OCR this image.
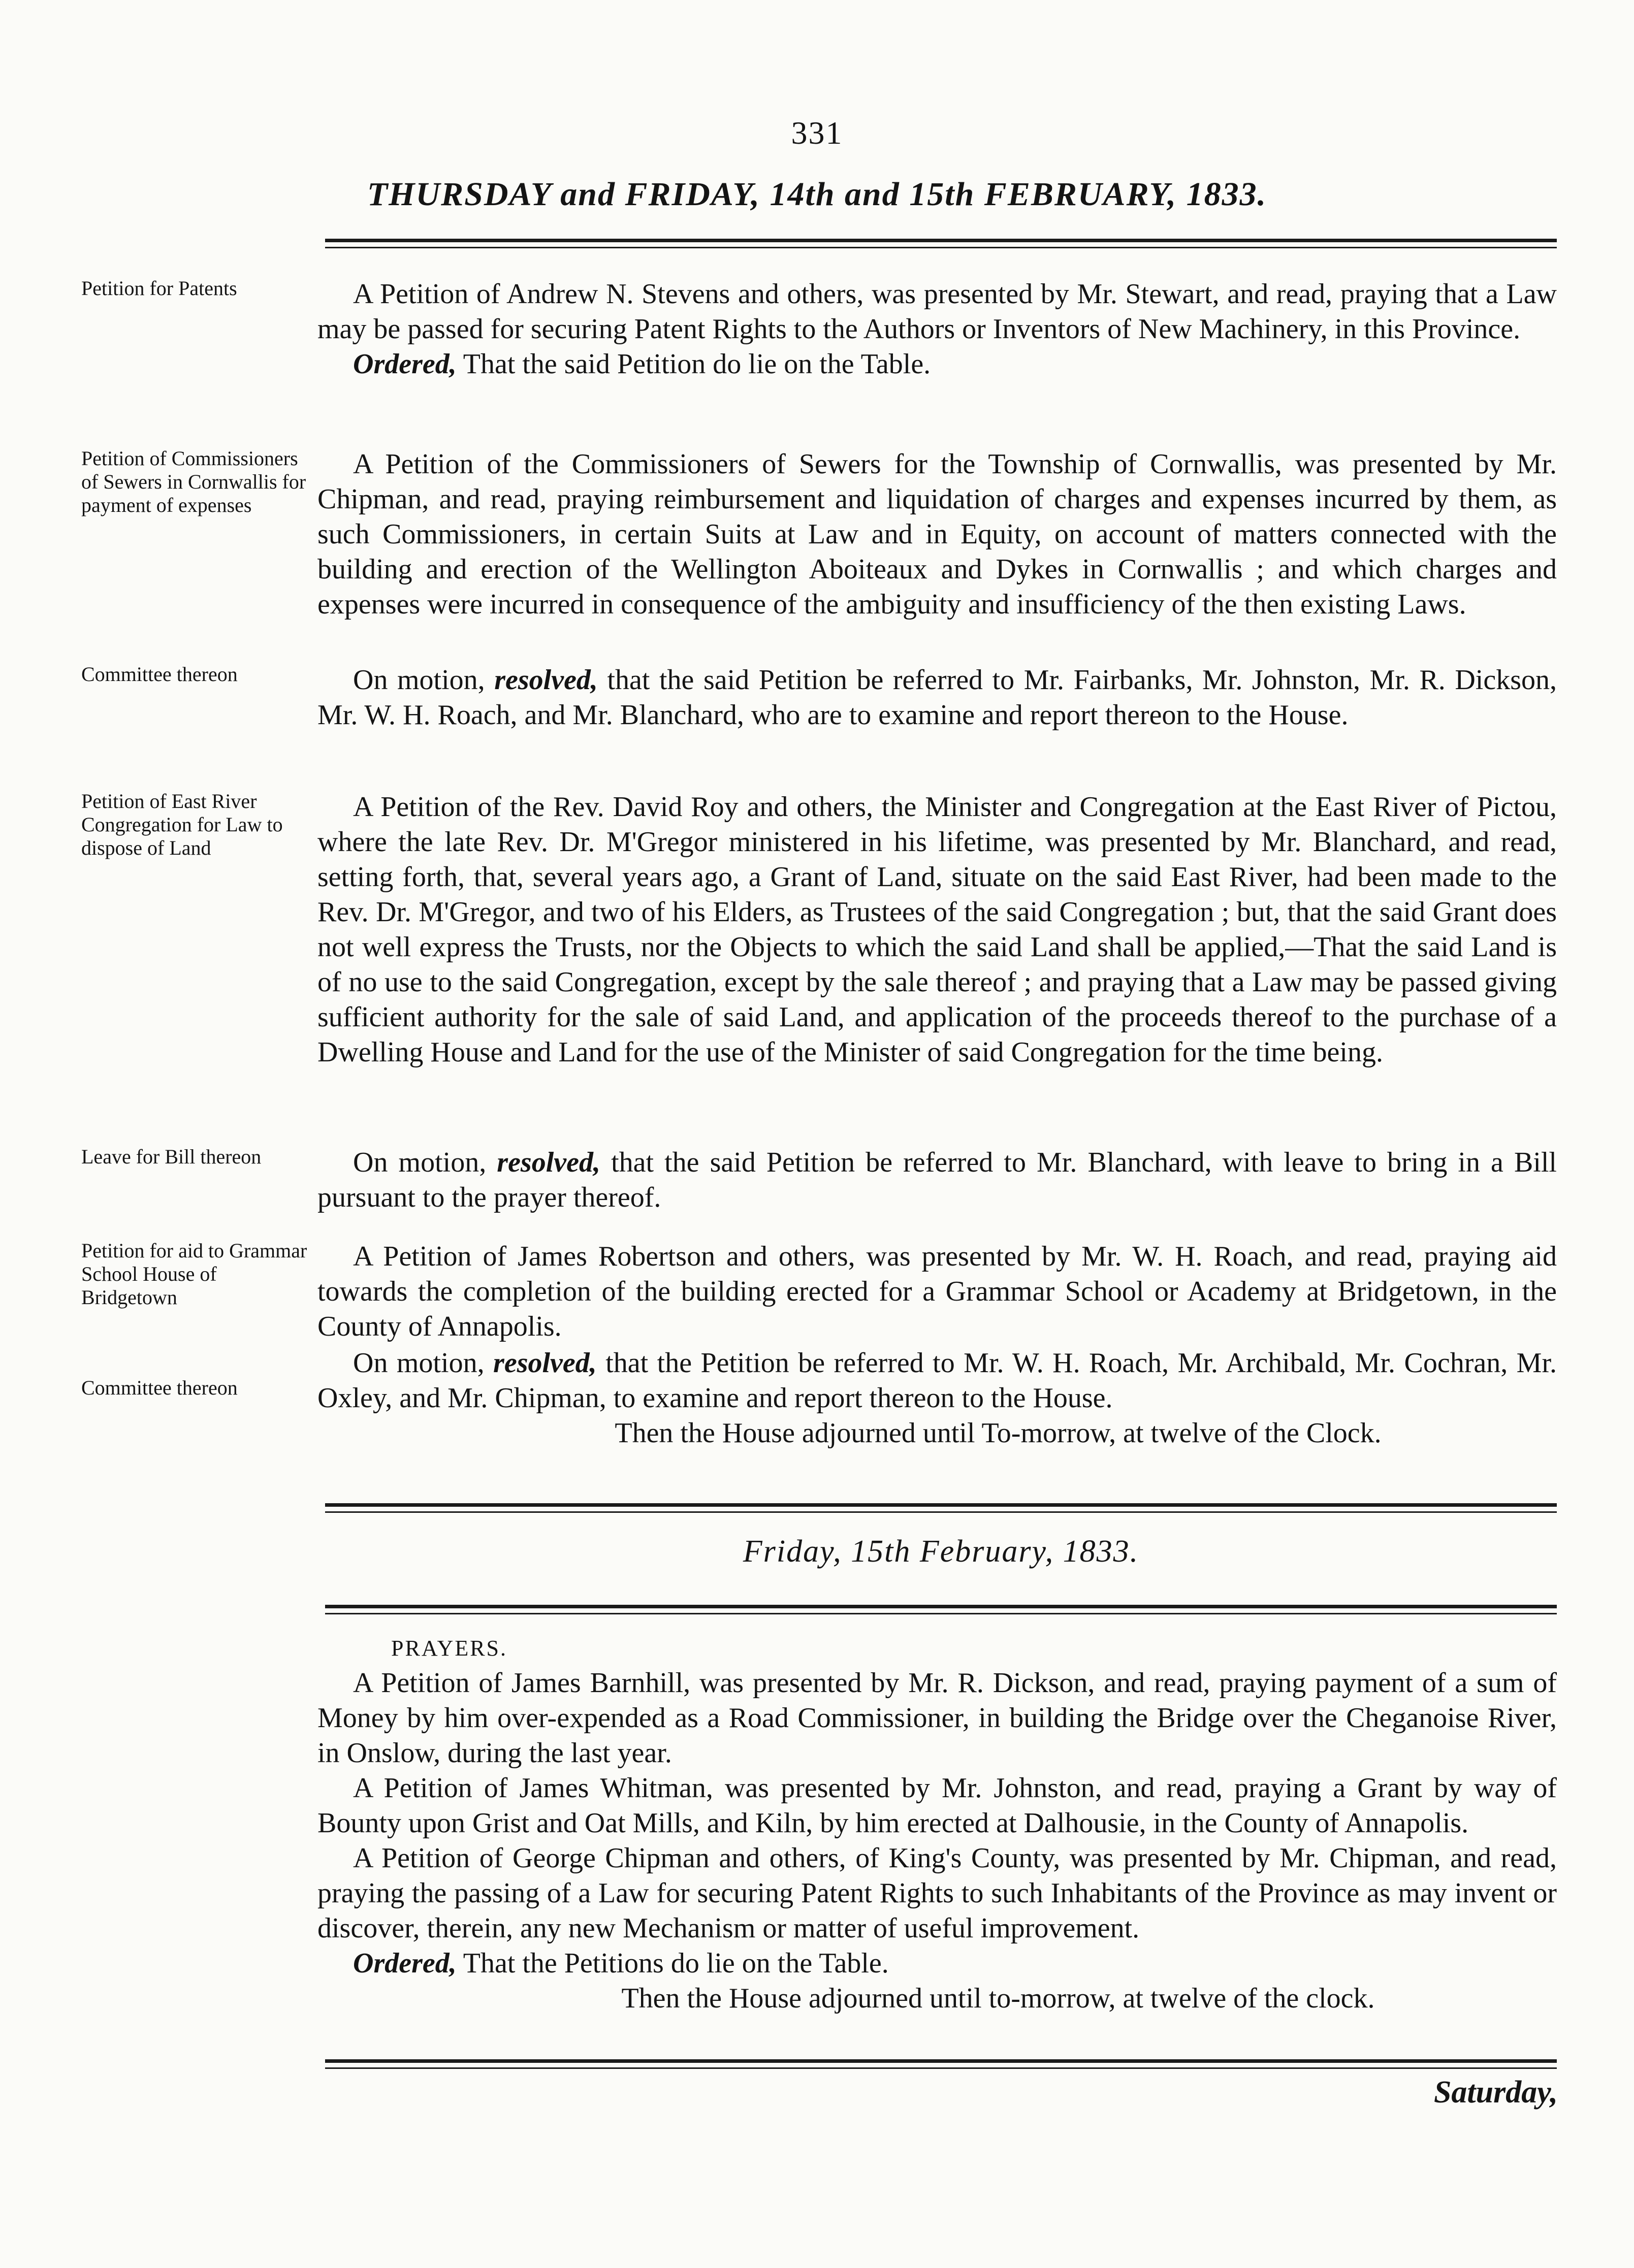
331
THURSDAY and FRIDAY, 14th and 15th FEBRUARY, 1833.
Petition for Patents
Petition of Commissioners of Sewers in Cornwallis for payment of expenses
Committee thereon
Petition of East River Congregation for Law to dispose of Land
Leave for Bill thereon
Petition for aid to Grammar School House of Bridgetown
Committee thereon

A Petition of Andrew N. Stevens and others, was presented by Mr. Stewart, and read, praying that a Law may be passed for securing Patent Rights to the Authors or Inventors of New Machinery, in this Province.

Ordered, That the said Petition do lie on the Table.

A Petition of the Commissioners of Sewers for the Township of Cornwallis, was presented by Mr. Chipman, and read, praying reimbursement and liquidation of charges and expenses incurred by them, as such Commissioners, in certain Suits at Law and in Equity, on account of matters connected with the building and erection of the Wellington Aboiteaux and Dykes in Cornwallis ; and which charges and expenses were incurred in consequence of the ambiguity and insufficiency of the then existing Laws.

On motion, resolved, that the said Petition be referred to Mr. Fairbanks, Mr. Johnston, Mr. R. Dickson, Mr. W. H. Roach, and Mr. Blanchard, who are to examine and report thereon to the House.

A Petition of the Rev. David Roy and others, the Minister and Congregation at the East River of Pictou, where the late Rev. Dr. M'Gregor ministered in his lifetime, was presented by Mr. Blanchard, and read, setting forth, that, several years ago, a Grant of Land, situate on the said East River, had been made to the Rev. Dr. M'Gregor, and two of his Elders, as Trustees of the said Congregation ; but, that the said Grant does not well express the Trusts, nor the Objects to which the said Land shall be applied,—That the said Land is of no use to the said Congregation, except by the sale thereof ; and praying that a Law may be passed giving sufficient authority for the sale of said Land, and application of the proceeds thereof to the purchase of a Dwelling House and Land for the use of the Minister of said Congregation for the time being.

On motion, resolved, that the said Petition be referred to Mr. Blanchard, with leave to bring in a Bill pursuant to the prayer thereof.

A Petition of James Robertson and others, was presented by Mr. W. H. Roach, and read, praying aid towards the completion of the building erected for a Grammar School or Academy at Bridgetown, in the County of Annapolis.

On motion, resolved, that the Petition be referred to Mr. W. H. Roach, Mr. Archibald, Mr. Cochran, Mr. Oxley, and Mr. Chipman, to examine and report thereon to the House.

Then the House adjourned until To-morrow, at twelve of the Clock.

Friday, 15th February, 1833.
PRAYERS.

A Petition of James Barnhill, was presented by Mr. R. Dickson, and read, praying payment of a sum of Money by him over-expended as a Road Commissioner, in building the Bridge over the Cheganoise River, in Onslow, during the last year.

A Petition of James Whitman, was presented by Mr. Johnston, and read, praying a Grant by way of Bounty upon Grist and Oat Mills, and Kiln, by him erected at Dalhousie, in the County of Annapolis.

A Petition of George Chipman and others, of King's County, was presented by Mr. Chipman, and read, praying the passing of a Law for securing Patent Rights to such Inhabitants of the Province as may invent or discover, therein, any new Mechanism or matter of useful improvement.

Ordered, That the Petitions do lie on the Table.

Then the House adjourned until to-morrow, at twelve of the clock.

Saturday,
